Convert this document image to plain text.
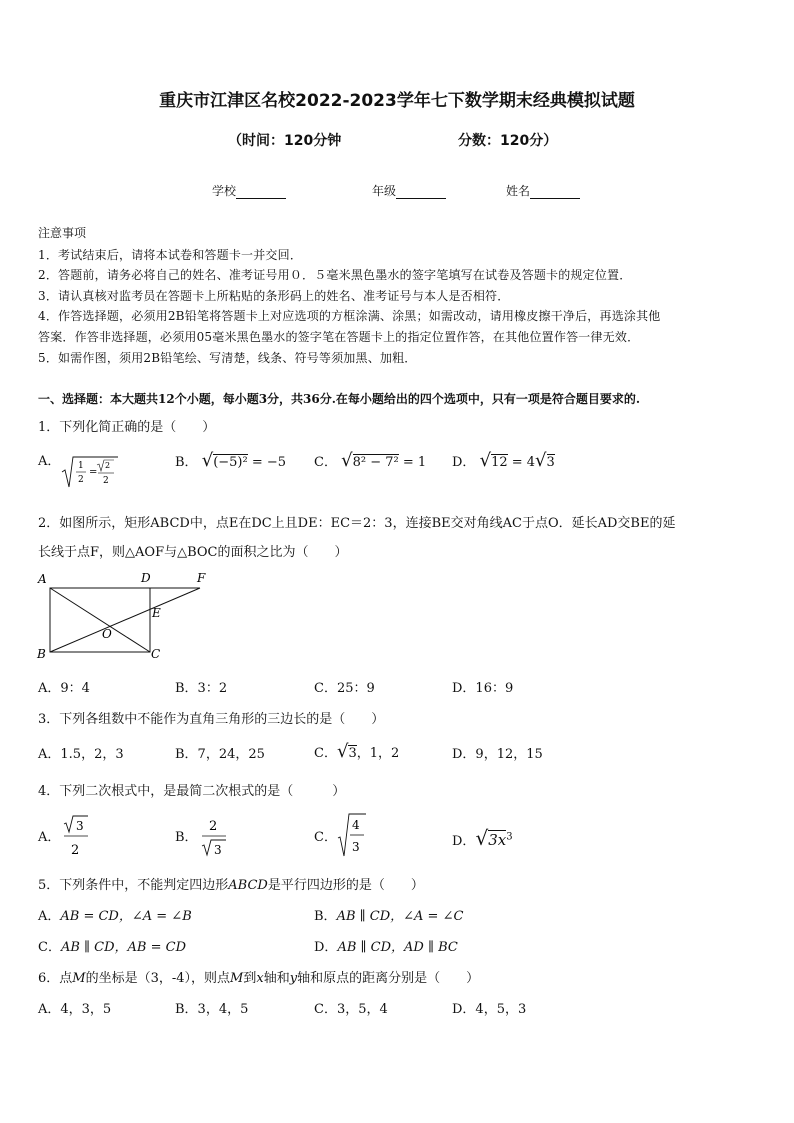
重庆市江津区名校2022-2023学年七下数学期末经典模拟试题
（时间：120分钟	分数：120分）
学校	年级	姓名
注意事项
1．考试结束后，请将本试卷和答题卡一并交回．
2．答题前，请务必将自己的姓名、准考证号用０．５毫米黑色墨水的签字笔填写在试卷及答题卡的规定位置．
3．请认真核对监考员在答题卡上所粘贴的条形码上的姓名、准考证号与本人是否相符．
4．作答选择题，必须用2B铅笔将答题卡上对应选项的方框涂满、涂黑；如需改动，请用橡皮擦干净后，再选涂其他
答案．作答非选择题，必须用05毫米黑色墨水的签字笔在答题卡上的指定位置作答，在其他位置作答一律无效．
5．如需作图，须用2B铅笔绘、写清楚，线条、符号等须加黑、加粗．
一、选择题：本大题共12个小题，每小题3分，共36分.在每小题给出的四个选项中，只有一项是符合题目要求的.
1．下列化简正确的是（　　）
A． 1
2
=
2
2
B． √(−5)² = −5 C． √8² − 7² = 1 D． √12 = 4√3
2．如图所示，矩形ABCD中，点E在DC上且DE：EC＝2：3，连接BE交对角线AC于点O．延长AD交BE的延
长线于点F，则△AOF与△BOC的面积之比为（　　）
A	D	F
E
O
B	C
A．9：4	B．3：2	C．25：9	D．16：9
3．下列各组数中不能作为直角三角形的三边长的是（　　）
A．1.5，2，3	B．7，24，25	C．√3，1，2	D．9，12，15
4．下列二次根式中，是最简二次根式的是（　　　）
A．
3
2
B．
2
3
C．
4
3	D．$√3x^3$
5．下列条件中，不能判定四边形ABCD是平行四边形的是（　　）
A．AB = CD，∠A = ∠B	B．AB ∥ CD，∠A = ∠C
C．AB ∥ CD，AB = CD	D．AB ∥ CD，AD ∥ BC
6．点M的坐标是（3，-4），则点M到x轴和y轴和原点的距离分别是（　　）
A．4，3，5	B．3，4，5	C．3，5，4	D．4，5，3
